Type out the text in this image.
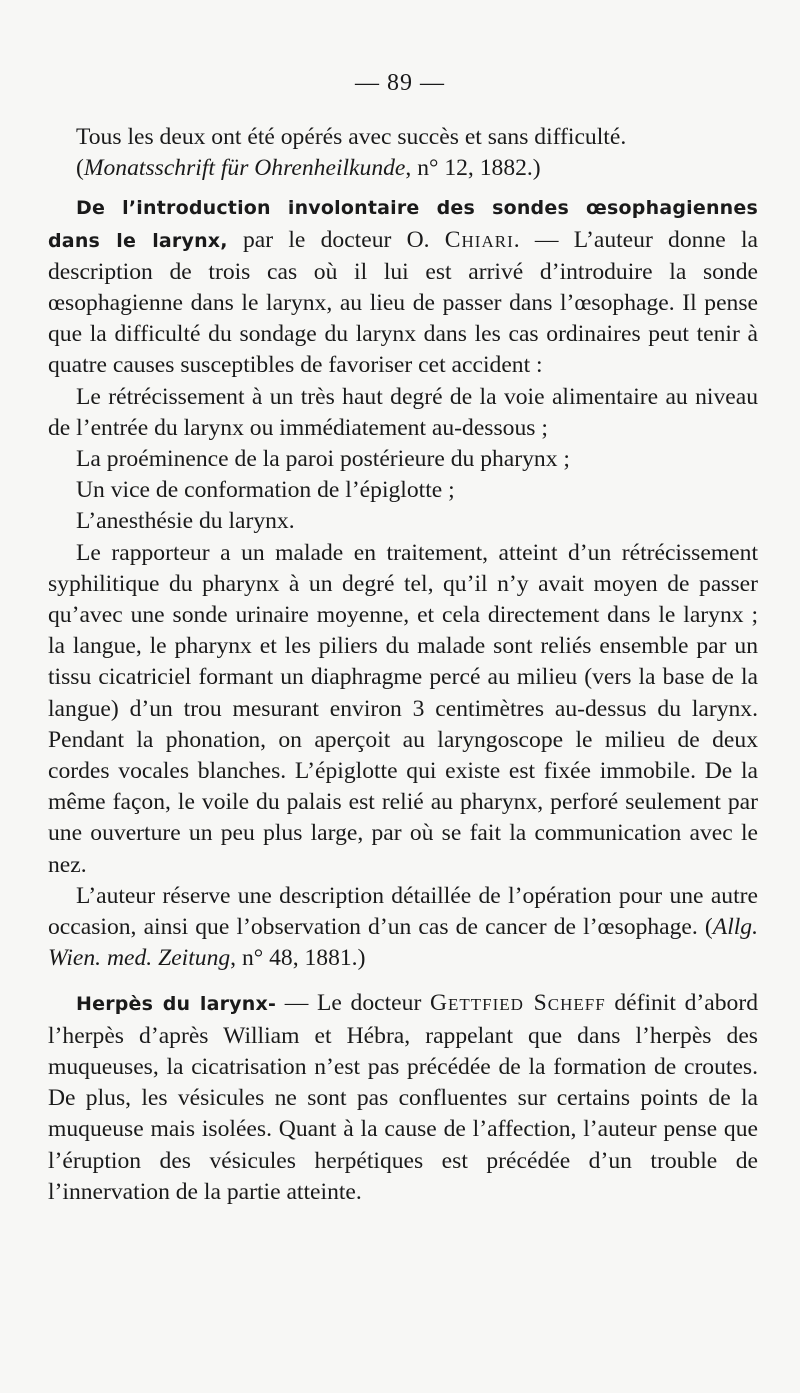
— 89 —

Tous les deux ont été opérés avec succès et sans difficulté.
(Monatsschrift für Ohrenheilkunde, n° 12, 1882.)

De l’introduction involontaire des sondes œsophagiennes dans le larynx, par le docteur O. Chiari. — L’auteur donne la description de trois cas où il lui est arrivé d’introduire la sonde œsophagienne dans le larynx, au lieu de passer dans l’œsophage. Il pense que la difficulté du sondage du larynx dans les cas ordinaires peut tenir à quatre causes susceptibles de favoriser cet accident :

Le rétrécissement à un très haut degré de la voie alimentaire au niveau de l’entrée du larynx ou immédiatement au-dessous ;

La proéminence de la paroi postérieure du pharynx ;

Un vice de conformation de l’épiglotte ;

L’anesthésie du larynx.

Le rapporteur a un malade en traitement, atteint d’un rétrécissement syphilitique du pharynx à un degré tel, qu’il n’y avait moyen de passer qu’avec une sonde urinaire moyenne, et cela directement dans le larynx ; la langue, le pharynx et les piliers du malade sont reliés ensemble par un tissu cicatriciel formant un diaphragme percé au milieu (vers la base de la langue) d’un trou mesurant environ 3 centimètres au-dessus du larynx. Pendant la phonation, on aperçoit au laryngoscope le milieu de deux cordes vocales blanches. L’épiglotte qui existe est fixée immobile. De la même façon, le voile du palais est relié au pharynx, perforé seulement par une ouverture un peu plus large, par où se fait la communication avec le nez.

L’auteur réserve une description détaillée de l’opération pour une autre occasion, ainsi que l’observation d’un cas de cancer de l’œsophage. (Allg. Wien. med. Zeitung, n° 48, 1881.)

Herpès du larynx- — Le docteur Gettfied Scheff définit d’abord l’herpès d’après William et Hébra, rappelant que dans l’herpès des muqueuses, la cicatrisation n’est pas précédée de la formation de croutes. De plus, les vésicules ne sont pas confluentes sur certains points de la muqueuse mais isolées. Quant à la cause de l’affection, l’auteur pense que l’éruption des vésicules herpétiques est précédée d’un trouble de l’innervation de la partie atteinte.
